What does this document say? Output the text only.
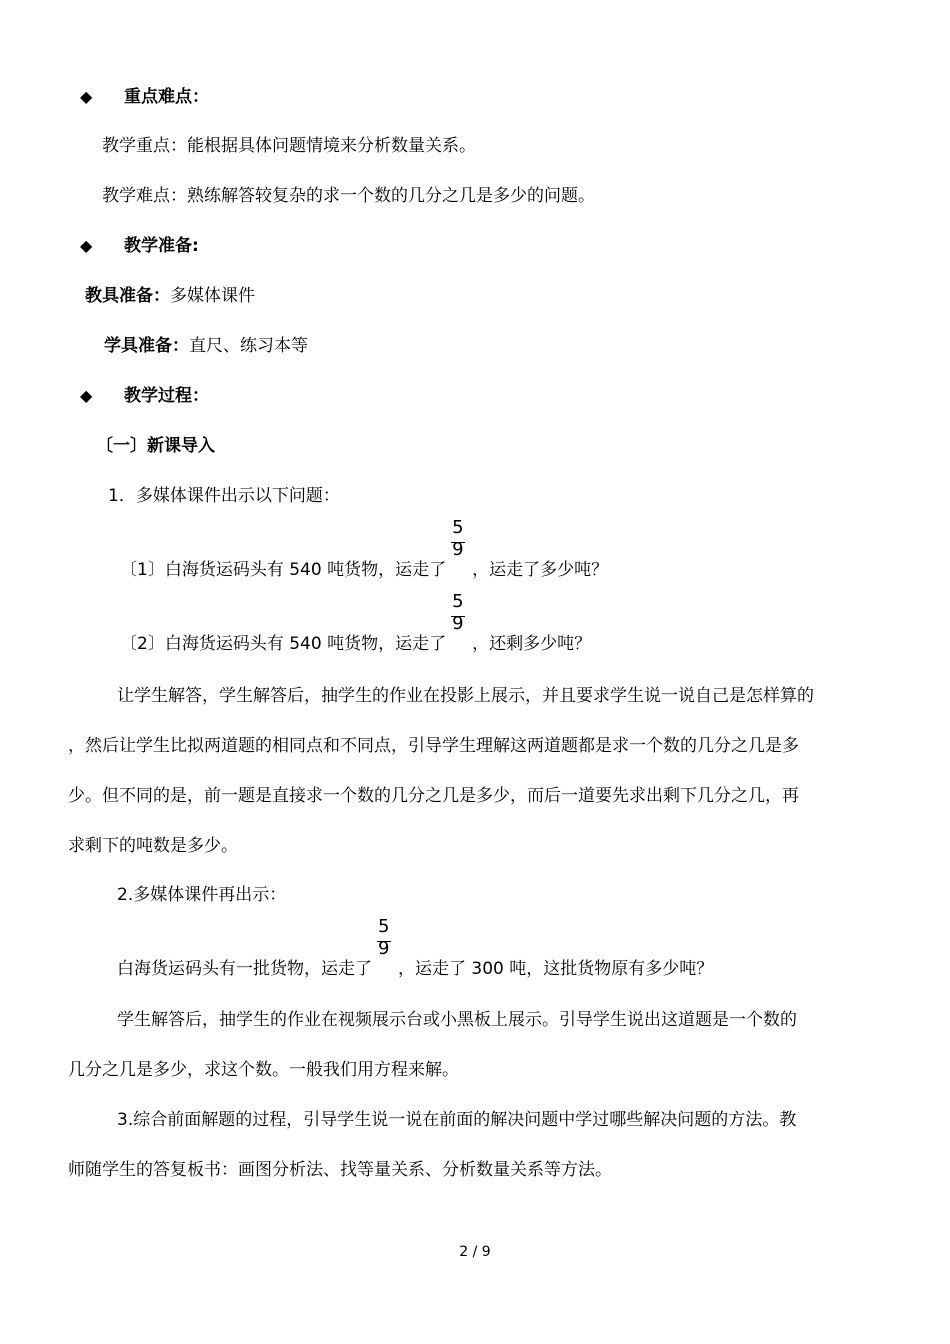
◆ 重点难点：
教学重点：能根据具体问题情境来分析数量关系。
教学难点：熟练解答较复杂的求一个数的几分之几是多少的问题。
◆ 教学准备:
教具准备：多媒体课件
学具准备：直尺、练习本等
◆ 教学过程：
〔一〕新课导入
1．多媒体课件出示以下问题：
〔1〕白海货运码头有 540 吨货物，运走了 $\frac{5}{9}$ ，运走了多少吨？
〔2〕白海货运码头有 540 吨货物，运走了 $\frac{5}{9}$ ，还剩多少吨？
让学生解答，学生解答后，抽学生的作业在投影上展示，并且要求学生说一说自己是怎样算的
，然后让学生比拟两道题的相同点和不同点，引导学生理解这两道题都是求一个数的几分之几是多
少。但不同的是，前一题是直接求一个数的几分之几是多少，而后一道要先求出剩下几分之几，再
求剩下的吨数是多少。
2.多媒体课件再出示：
白海货运码头有一批货物，运走了 $\frac{5}{9}$ ，运走了 300 吨，这批货物原有多少吨？
学生解答后，抽学生的作业在视频展示台或小黑板上展示。引导学生说出这道题是一个数的
几分之几是多少，求这个数。一般我们用方程来解。
3.综合前面解题的过程，引导学生说一说在前面的解决问题中学过哪些解决问题的方法。教
师随学生的答复板书：画图分析法、找等量关系、分析数量关系等方法。
2 / 9
